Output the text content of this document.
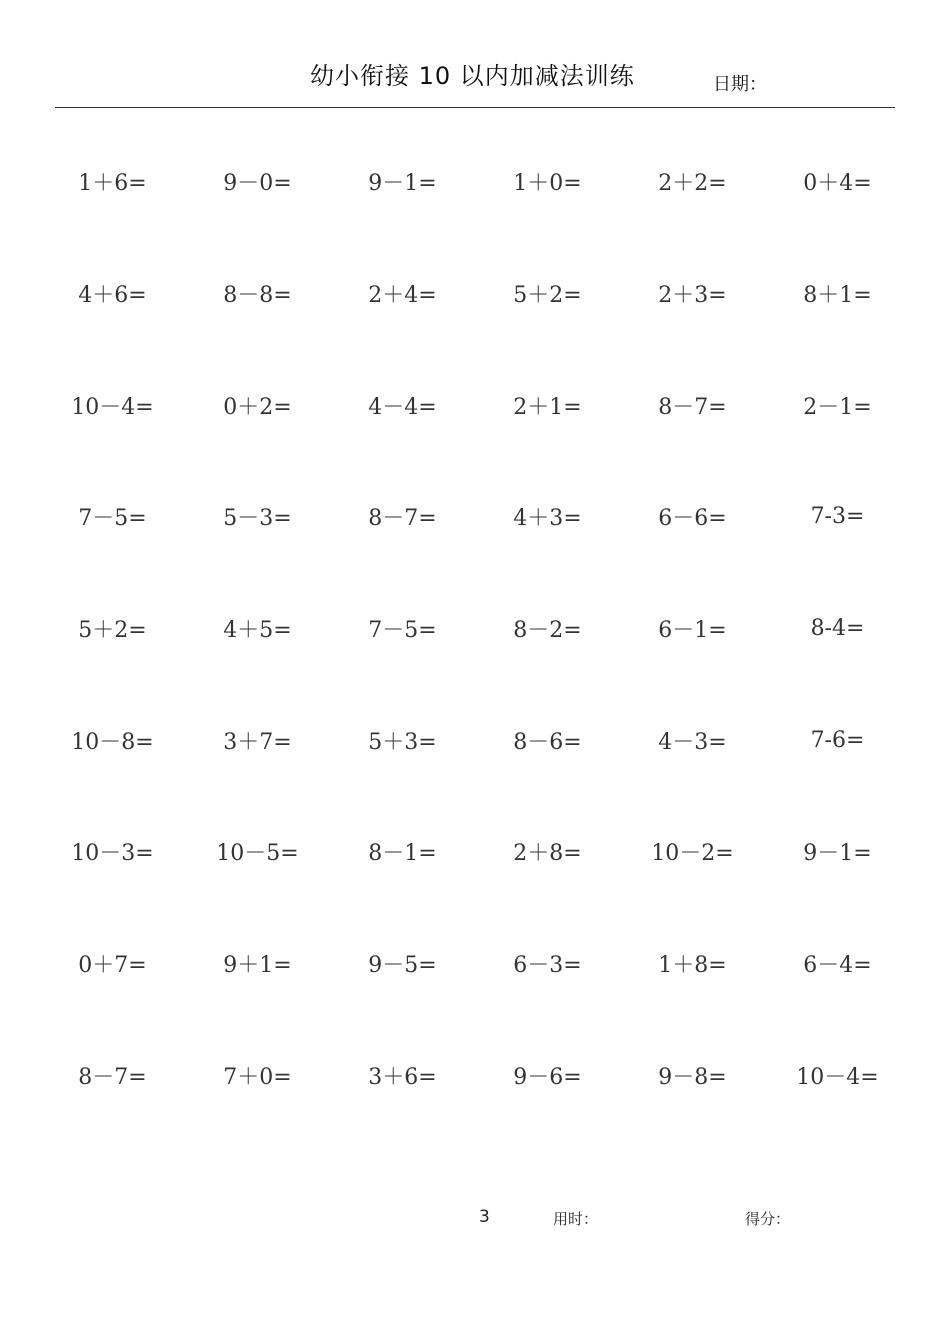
幼小衔接 10 以内加减法训练	日期：
1＋6=	9－0=	9－1=	1＋0=	2＋2=	0＋4=
4＋6=	8－8=	2＋4=	5＋2=	2＋3=	8＋1=
10－4=	0＋2=	4－4=	2＋1=	8－7=	2－1=
7－5=	5－3=	8－7=	4＋3=	6－6=	7-3=
5＋2=	4＋5=	7－5=	8－2=	6－1=	8-4=
10－8=	3＋7=	5＋3=	8－6=	4－3=	7-6=
10－3=	10－5=	8－1=	2＋8=	10－2=	9－1=
0＋7=	9＋1=	9－5=	6－3=	1＋8=	6－4=
8－7=	7＋0=	3＋6=	9－6=	9－8=	10－4=
3	用时：	得分：
